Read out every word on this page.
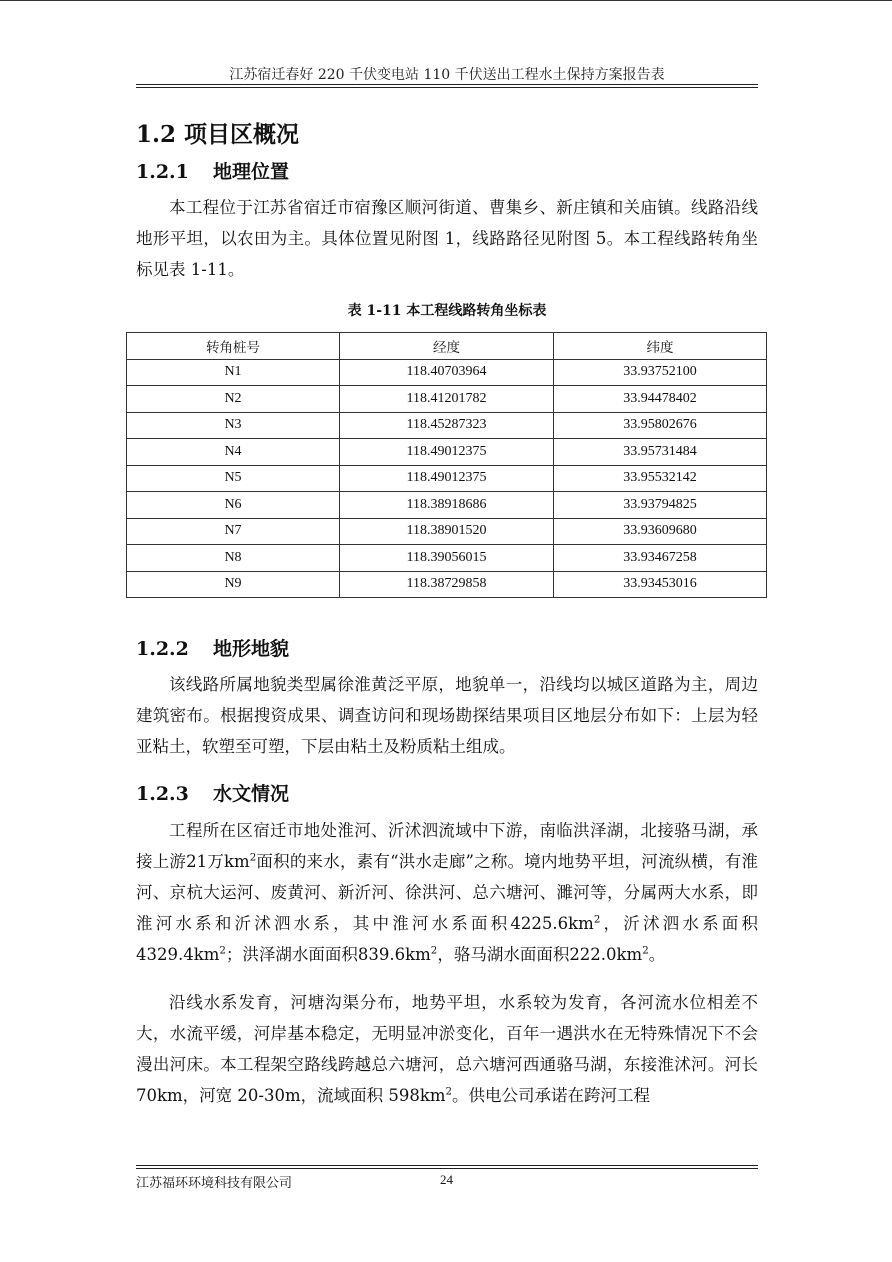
江苏宿迁春好 220 千伏变电站 110 千伏送出工程水土保持方案报告表
1.2 项目区概况
1.2.1 地理位置

本工程位于江苏省宿迁市宿豫区顺河街道、曹集乡、新庄镇和关庙镇。线路沿线地形平坦，以农田为主。具体位置见附图 1，线路路径见附图 5。本工程线路转角坐标见表 1-11。

表 1-11 本工程线路转角坐标表
转角桩号	经度	纬度
N1	118.40703964	33.93752100
N2	118.41201782	33.94478402
N3	118.45287323	33.95802676
N4	118.49012375	33.95731484
N5	118.49012375	33.95532142
N6	118.38918686	33.93794825
N7	118.38901520	33.93609680
N8	118.39056015	33.93467258
N9	118.38729858	33.93453016
1.2.2 地形地貌

该线路所属地貌类型属徐淮黄泛平原，地貌单一，沿线均以城区道路为主，周边建筑密布。根据搜资成果、调查访问和现场勘探结果项目区地层分布如下：上层为轻亚粘土，软塑至可塑，下层由粘土及粉质粘土组成。

1.2.3 水文情况

工程所在区宿迁市地处淮河、沂沭泗流域中下游，南临洪泽湖，北接骆马湖，承接上游21万$km^2$面积的来水，素有“洪水走廊”之称。境内地势平坦，河流纵横，有淮河、京杭大运河、废黄河、新沂河、徐洪河、总六塘河、濉河等，分属两大水系，即淮河水系和沂沭泗水系，其中淮河水系面积$4225.6km^2$，沂沭泗水系面积$4329.4km^2$；洪泽湖水面面积$839.6km^2$，骆马湖水面面积$222.0km^2$。

沿线水系发育，河塘沟渠分布，地势平坦，水系较为发育，各河流水位相差不大，水流平缓，河岸基本稳定，无明显冲淤变化，百年一遇洪水在无特殊情况下不会漫出河床。本工程架空路线跨越总六塘河，总六塘河西通骆马湖，东接淮沭河。河长 70km，河宽 20-30m，流域面积 $598km^2$。供电公司承诺在跨河工程

江苏福环环境科技有限公司	24
